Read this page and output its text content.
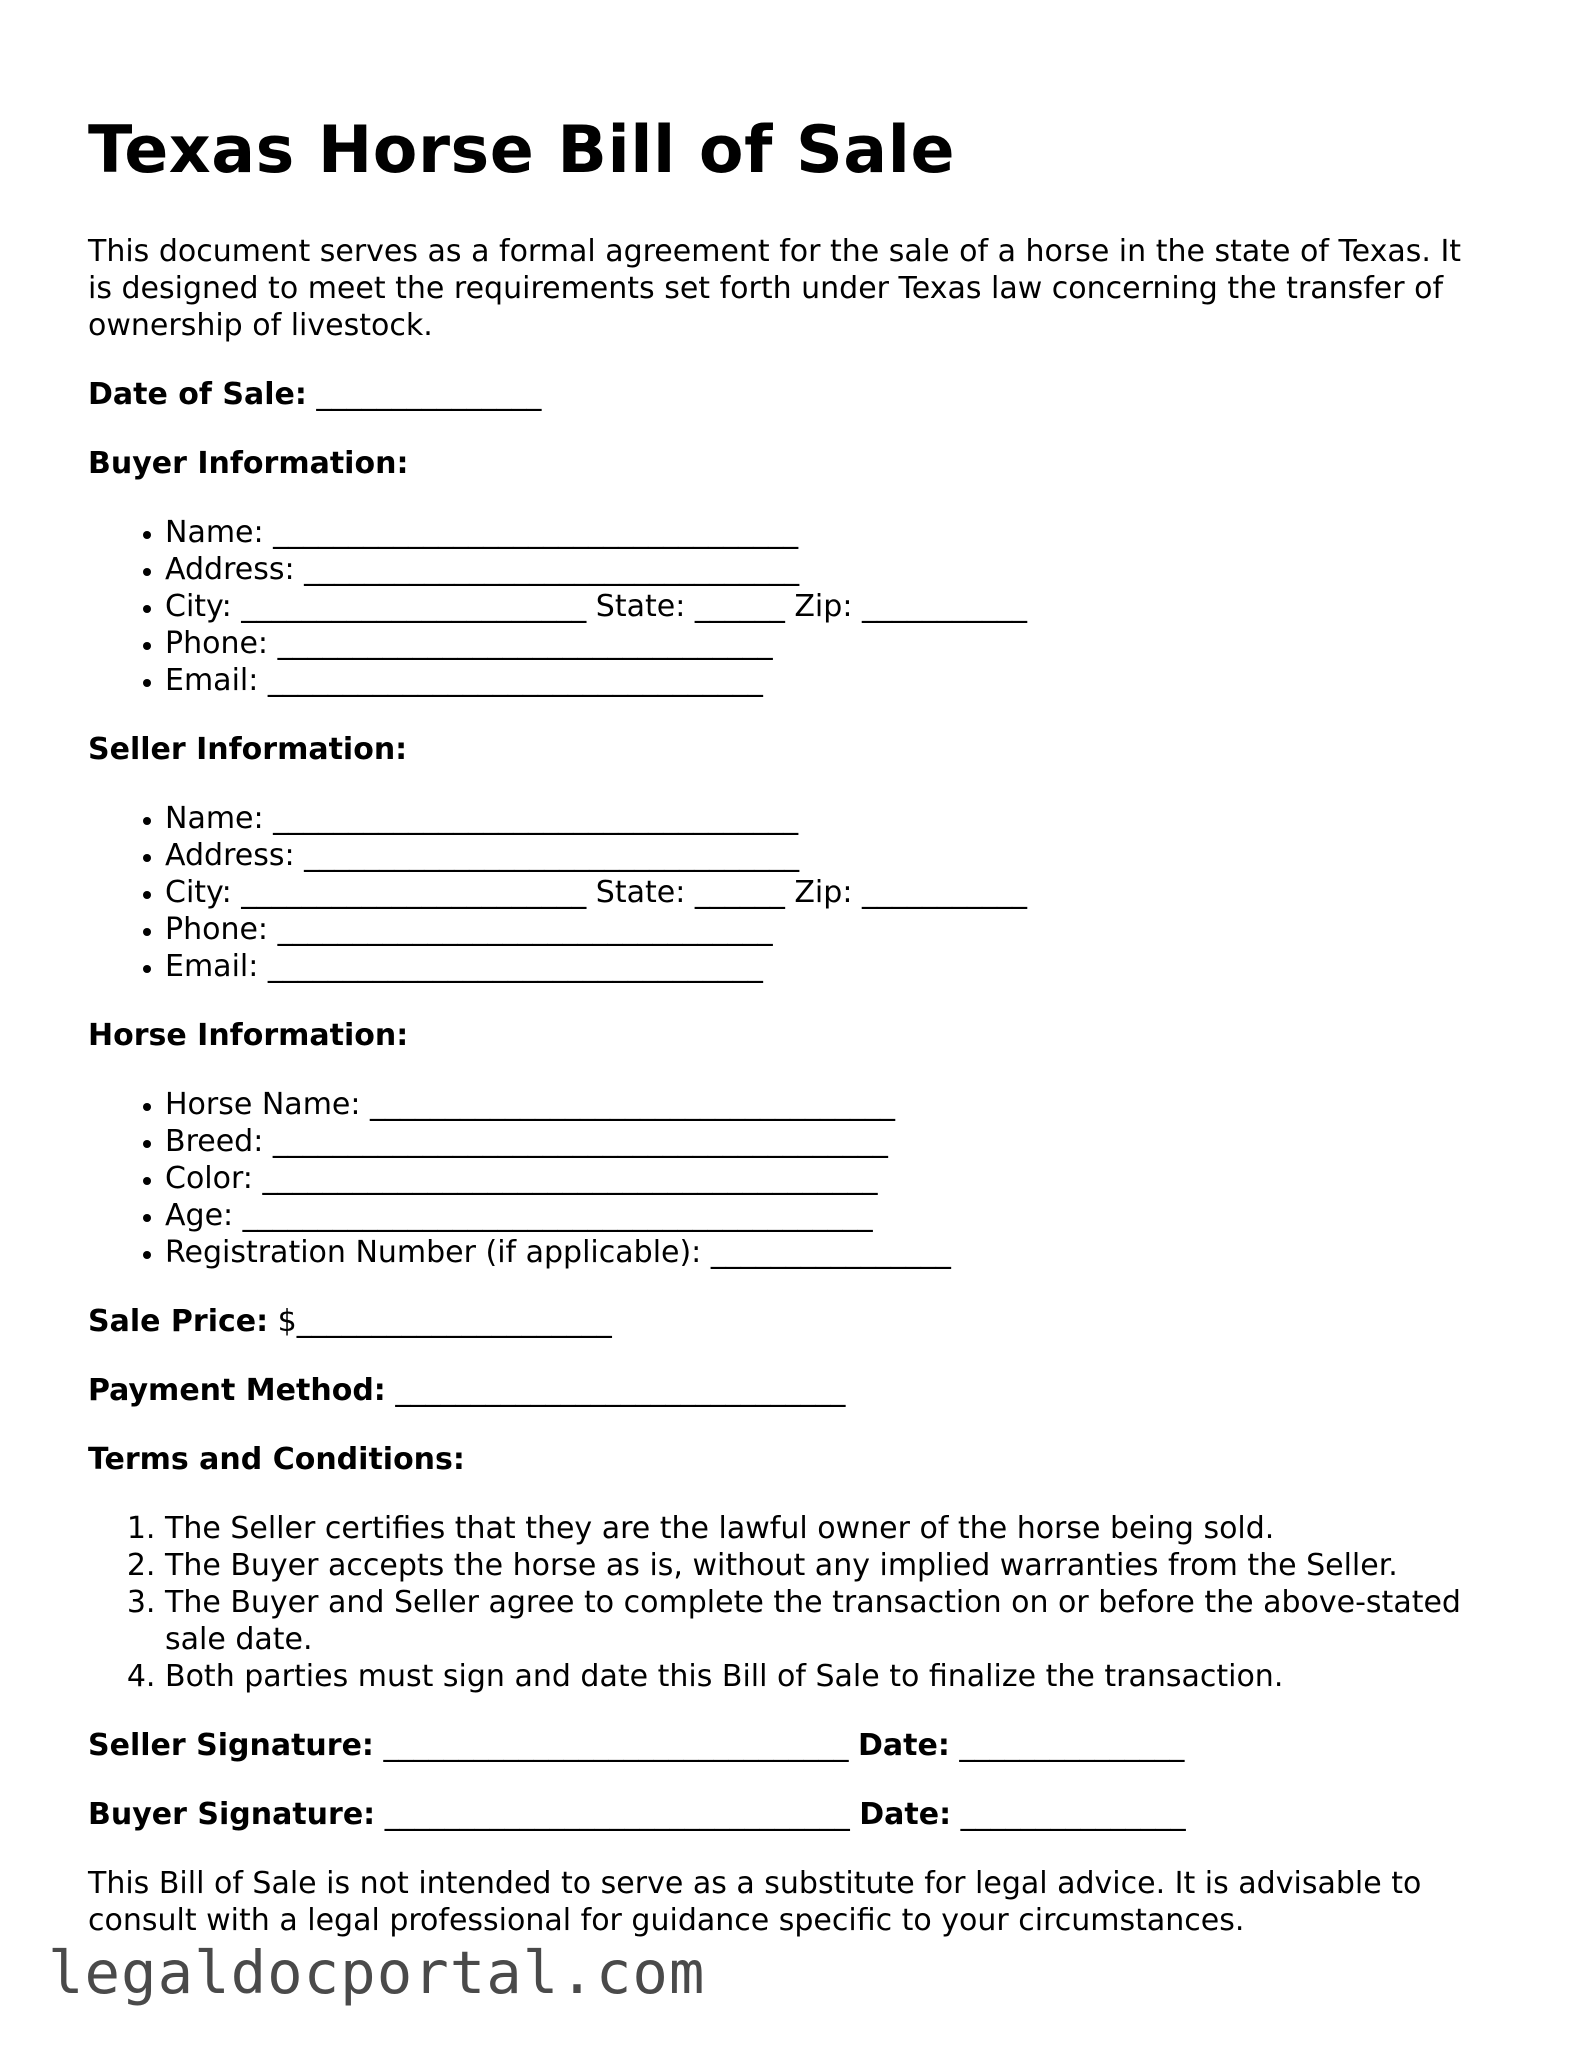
Texas Horse Bill of Sale

This document serves as a formal agreement for the sale of a horse in the state of Texas. It is designed to meet the requirements set forth under Texas law concerning the transfer of ownership of livestock.

Date of Sale: _______________
Buyer Information:
• Name: ___________________________________
• Address: _________________________________
• City: _______________________ State: ______ Zip: ___________
• Phone: _________________________________
• Email: _________________________________
Seller Information:
• Name: ___________________________________
• Address: _________________________________
• City: _______________________ State: ______ Zip: ___________
• Phone: _________________________________
• Email: _________________________________
Horse Information:
• Horse Name: ___________________________________
• Breed: _________________________________________
• Color: _________________________________________
• Age: __________________________________________
• Registration Number (if applicable): ________________
Sale Price: $_____________________
Payment Method: ______________________________
Terms and Conditions:
1. The Seller certifies that they are the lawful owner of the horse being sold.
2. The Buyer accepts the horse as is, without any implied warranties from the Seller.
3. The Buyer and Seller agree to complete the transaction on or before the above-stated sale date.
4. Both parties must sign and date this Bill of Sale to finalize the transaction.
Seller Signature: _______________________________ Date: _______________
Buyer Signature: _______________________________ Date: _______________

This Bill of Sale is not intended to serve as a substitute for legal advice. It is advisable to consult with a legal professional for guidance specific to your circumstances.

legaldocportal.com
